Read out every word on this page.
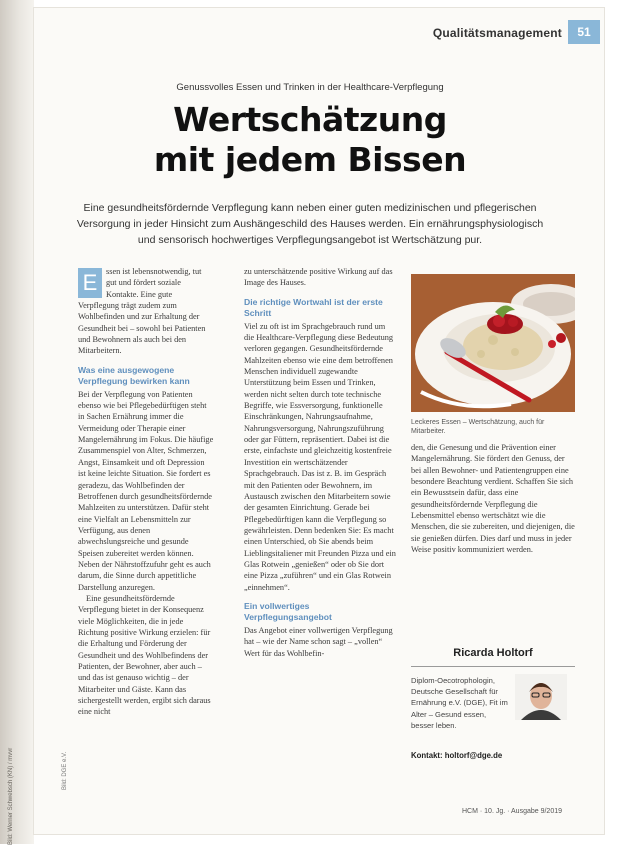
Bild: Werner Schwebsch (KN) / mvvr
Qualitätsmanagement	51
Genussvolles Essen und Trinken in der Healthcare-Verpflegung
Wertschätzung
mit jedem Bissen
Eine gesundheitsfördernde Verpflegung kann neben einer guten medizinischen und pflegerischen Versorgung in jeder Hinsicht zum Aushängeschild des Hauses werden. Ein ernährungsphysiologisch und sensorisch hochwertiges Verpflegungsangebot ist Wertschätzung pur.
E	ssen ist lebensnotwendig, tut gut und fördert soziale Kontakte. Eine gute Verpflegung trägt zudem zum Wohlbefinden und zur Erhaltung der Gesundheit bei – sowohl bei Patienten und Bewohnern als auch bei den Mitarbeitern.

Was eine ausgewogene Verpflegung bewirken kann

Bei der Verpflegung von Patienten ebenso wie bei Pflegebedürftigen steht in Sachen Ernährung immer die Vermeidung oder Therapie einer Mangelernährung im Fokus. Die häufige Zusammenspiel von Alter, Schmerzen, Angst, Einsamkeit und oft Depression ist keine leichte Situation. Sie fordert es geradezu, das Wohlbefinden der Betroffenen durch gesundheitsfördernde Mahlzeiten zu unterstützen. Dafür steht eine Vielfalt an Lebensmitteln zur Verfügung, aus denen abwechslungsreiche und gesunde Speisen zubereitet werden können. Neben der Nährstoffzufuhr geht es auch darum, die Sinne durch appetitliche Darstellung anzuregen.

Eine gesundheitsfördernde Verpflegung bietet in der Konsequenz viele Möglichkeiten, die in jede Richtung positive Wirkung erzielen: für die Erhaltung und Förderung der Gesundheit und des Wohlbefindens der Patienten, der Bewohner, aber auch – und das ist genauso wichtig – der Mitarbeiter und Gäste. Kann das sichergestellt werden, ergibt sich daraus eine nicht

zu unterschätzende positive Wirkung auf das Image des Hauses.

Die richtige Wortwahl ist der erste Schritt

Viel zu oft ist im Sprachgebrauch rund um die Healthcare-Verpflegung diese Bedeutung verloren gegangen. Gesundheitsfördernde Mahlzeiten ebenso wie eine dem betroffenen Menschen individuell zugewandte Unterstützung beim Essen und Trinken, werden nicht selten durch tote technische Begriffe, wie Essversorgung, funktionelle Einschränkungen, Nahrungsaufnahme, Nahrungsversorgung, Nahrungszuführung oder gar Füttern, repräsentiert. Dabei ist die erste, einfachste und gleichzeitig kostenfreie Investition ein wertschätzender Sprachgebrauch. Das ist z. B. im Gespräch mit den Patienten oder Bewohnern, im Austausch zwischen den Mitarbeitern sowie der gesamten Einrichtung. Gerade bei Pflegebedürftigen kann die Verpflegung so gewährleisten. Denn bedenken Sie: Es macht einen Unterschied, ob Sie abends beim Lieblingsitaliener mit Freunden Pizza und ein Glas Rotwein „genießen“ oder ob Sie dort eine Pizza „zuführen“ und ein Glas Rotwein „einnehmen“.

Ein vollwertiges Verpflegungsangebot

Das Angebot einer vollwertigen Verpflegung hat – wie der Name schon sagt – „vollen“ Wert für das Wohlbefin-

Leckeres Essen – Wertschätzung, auch für Mitarbeiter.

den, die Genesung und die Prävention einer Mangelernährung. Sie fördert den Genuss, der bei allen Bewohner- und Patientengruppen eine besondere Beachtung verdient. Schaffen Sie sich ein Bewusstsein dafür, dass eine gesundheitsfördernde Verpflegung die Lebensmittel ebenso wertschätzt wie die Menschen, die sie zubereiten, und diejenigen, die sie genießen dürfen. Dies darf und muss in jeder Weise positiv kommuniziert werden.

Ricarda Holtorf
Diplom-Oecotrophologin, Deutsche Gesellschaft für Ernährung e.V. (DGE), Fit im Alter – Gesund essen, besser leben.
Kontakt: holtorf@dge.de
Bild: DGE e.V.
HCM · 10. Jg. · Ausgabe 9/2019
